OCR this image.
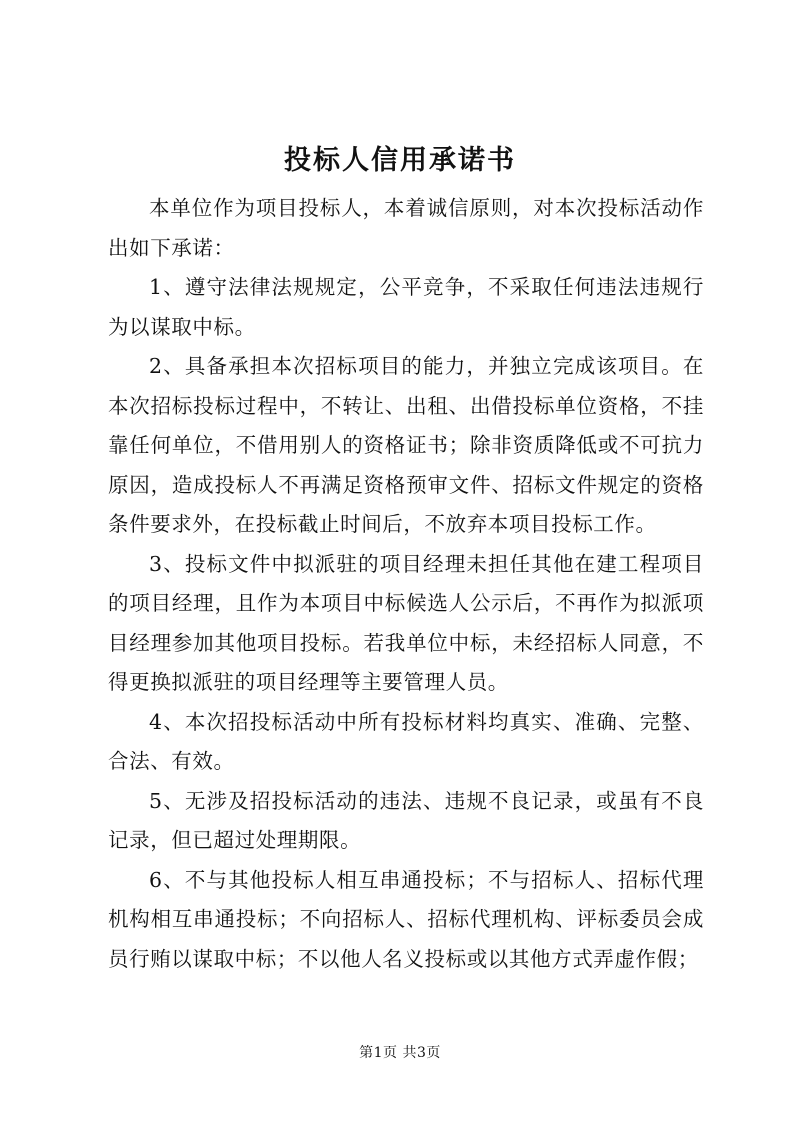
投标人信用承诺书

本单位作为项目投标人，本着诚信原则，对本次投标活动作出如下承诺：

1、遵守法律法规规定，公平竞争，不采取任何违法违规行为以谋取中标。

2、具备承担本次招标项目的能力，并独立完成该项目。在本次招标投标过程中，不转让、出租、出借投标单位资格，不挂靠任何单位，不借用别人的资格证书；除非资质降低或不可抗力原因，造成投标人不再满足资格预审文件、招标文件规定的资格条件要求外，在投标截止时间后，不放弃本项目投标工作。

3、投标文件中拟派驻的项目经理未担任其他在建工程项目的项目经理，且作为本项目中标候选人公示后，不再作为拟派项目经理参加其他项目投标。若我单位中标，未经招标人同意，不得更换拟派驻的项目经理等主要管理人员。

4、本次招投标活动中所有投标材料均真实、准确、完整、合法、有效。

5、无涉及招投标活动的违法、违规不良记录，或虽有不良记录，但已超过处理期限。

6、不与其他投标人相互串通投标；不与招标人、招标代理机构相互串通投标；不向招标人、招标代理机构、评标委员会成员行贿以谋取中标；不以他人名义投标或以其他方式弄虚作假；

第1页 共3页
